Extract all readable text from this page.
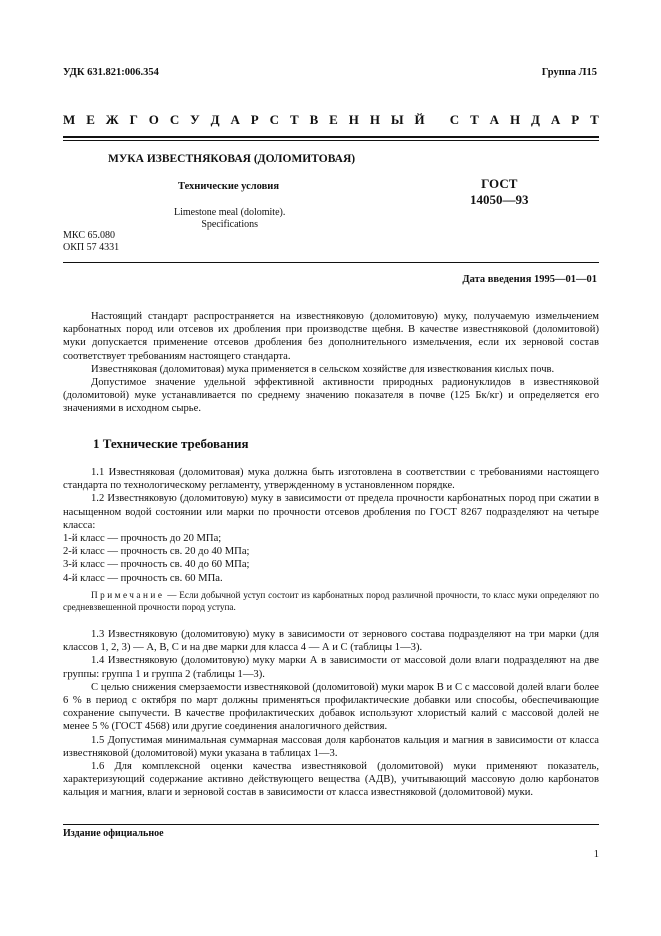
УДК 631.821:006.354	Группа Л15
М Е Ж Г О С У Д А Р С Т В Е Н Н Ы Й
С Т А Н Д А Р Т
МУКА ИЗВЕСТНЯКОВАЯ (ДОЛОМИТОВАЯ)
Технические условия	ГОСТ
14050—93
Limestone meal (dolomite).
Specifications
МКС 65.080
ОКП 57 4331
Дата введения 1995—01—01

Настоящий стандарт распространяется на известняковую (доломитовую) муку, получаемую измельчением карбонатных пород или отсевов их дробления при производстве щебня. В качестве известняковой (доломитовой) муки допускается применение отсевов дробления без дополнительного измельчения, если их зерновой состав соответствует требованиям настоящего стандарта.

Известняковая (доломитовая) мука применяется в сельском хозяйстве для известкования кислых почв.

Допустимое значение удельной эффективной активности природных радионуклидов в известняковой (доломитовой) муке устанавливается по среднему значению показателя в почве (125 Бк/кг) и определяется его значениями в исходном сырье.

1 Технические требования

1.1 Известняковая (доломитовая) мука должна быть изготовлена в соответствии с требованиями настоящего стандарта по технологическому регламенту, утвержденному в установленном порядке.

1.2 Известняковую (доломитовую) муку в зависимости от предела прочности карбонатных пород при сжатии в насыщенном водой состоянии или марки по прочности отсевов дробления по ГОСТ 8267 подразделяют на четыре класса:

1-й класс — прочность до 20 МПа;

2-й класс — прочность св. 20 до 40 МПа;

3-й класс — прочность св. 40 до 60 МПа;

4-й класс — прочность св. 60 МПа.

Примечание — Если добычной уступ состоит из карбонатных пород различной прочности, то класс муки определяют по средневзвешенной прочности пород уступа.

1.3 Известняковую (доломитовую) муку в зависимости от зернового состава подразделяют на три марки (для классов 1, 2, 3) — А, В, С и на две марки для класса 4 — А и С (таблицы 1—3).

1.4 Известняковую (доломитовую) муку марки А в зависимости от массовой доли влаги подразделяют на две группы: группа 1 и группа 2 (таблицы 1—3).

С целью снижения смерзаемости известняковой (доломитовой) муки марок В и С с массовой долей влаги более 6 % в период с октября по март должны применяться профилактические добавки или способы, обеспечивающие сохранение сыпучести. В качестве профилактических добавок используют хлористый калий с массовой долей не менее 5 % (ГОСТ 4568) или другие соединения аналогичного действия.

1.5 Допустимая минимальная суммарная массовая доля карбонатов кальция и магния в зависимости от класса известняковой (доломитовой) муки указана в таблицах 1—3.

1.6 Для комплексной оценки качества известняковой (доломитовой) муки применяют показатель, характеризующий содержание активно действующего вещества (АДВ), учитывающий массовую долю карбонатов кальция и магния, влаги и зерновой состав в зависимости от класса известняковой (доломитовой) муки.

Издание официальное
1
